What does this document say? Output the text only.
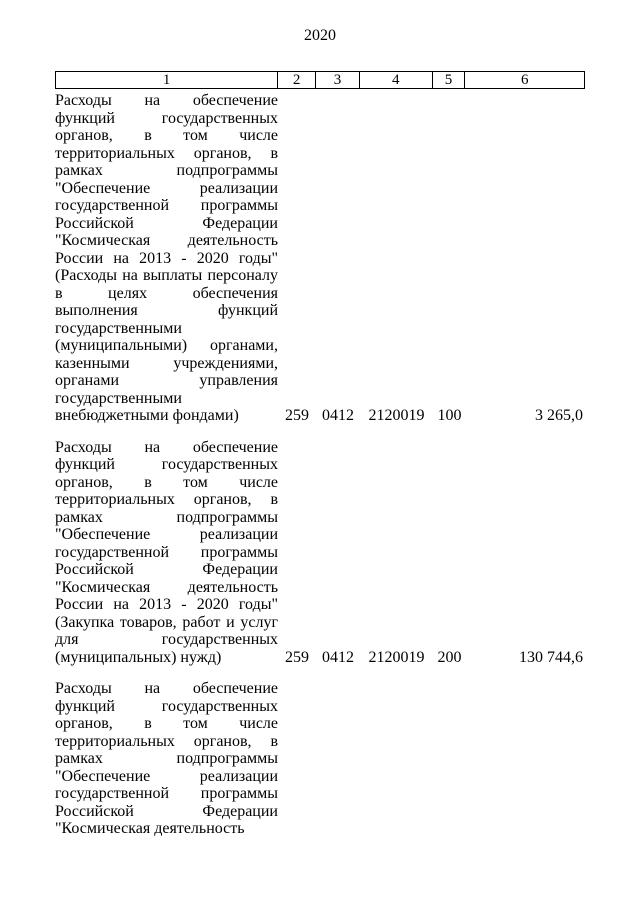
2020
1	2	3	4	5	6
Расходы на обеспечение функций государственных органов, в том числе территориальных органов, в рамках подпрограммы "Обеспечение реализации государственной программы Российской Федерации "Космическая деятельность России на 2013 - 2020 годы" (Расходы на выплаты персоналу в целях обеспечения выполнения функций государственными (муниципальными) органами, казенными учреждениями, органами управления государственными внебюджетными фондами)	259 0412 2120019 100	3 265,0
Расходы на обеспечение функций государственных органов, в том числе территориальных органов, в рамках подпрограммы "Обеспечение реализации государственной программы Российской Федерации "Космическая деятельность России на 2013 - 2020 годы" (Закупка товаров, работ и услуг для государственных (муниципальных) нужд)	259 0412 2120019 200	130 744,6
Расходы на обеспечение функций государственных органов, в том числе территориальных органов, в рамках подпрограммы "Обеспечение реализации государственной программы Российской Федерации "Космическая деятельность
